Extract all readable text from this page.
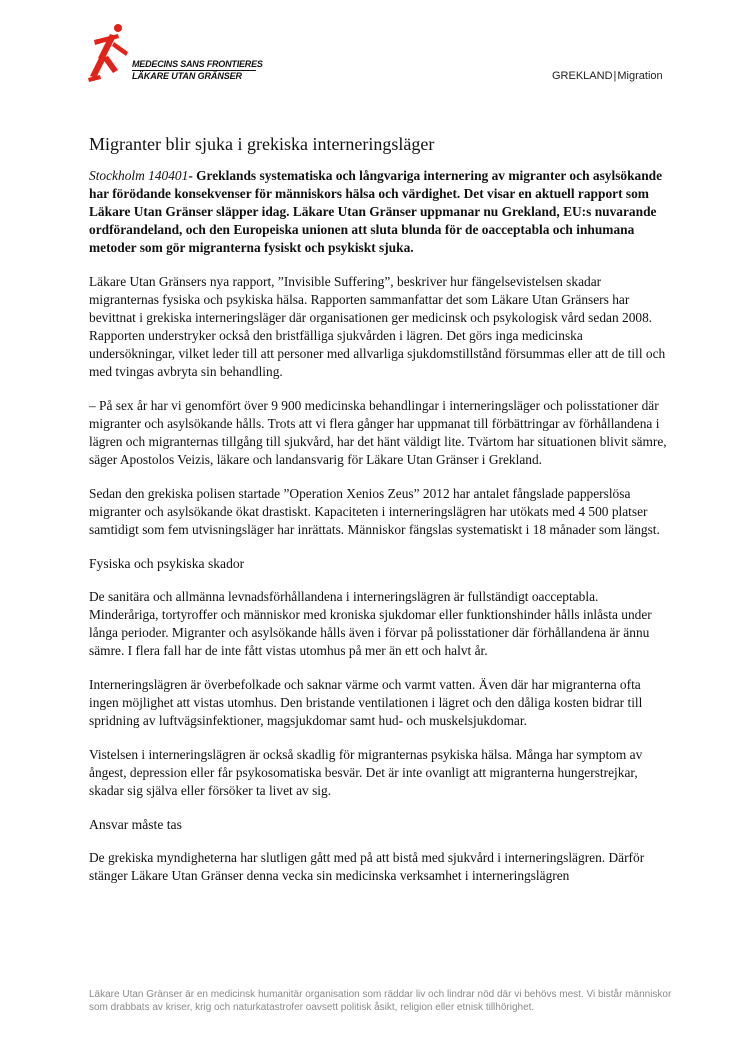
MEDECINS SANS FRONTIERES
LÄKARE UTAN GRÄNSER	GREKLAND|Migration
Migranter blir sjuka i grekiska interneringsläger

Stockholm 140401- Greklands systematiska och långvariga internering av migranter och asylsökande har förödande konsekvenser för människors hälsa och värdighet. Det visar en aktuell rapport som Läkare Utan Gränser släpper idag. Läkare Utan Gränser uppmanar nu Grekland, EU:s nuvarande ordförandeland, och den Europeiska unionen att sluta blunda för de oacceptabla och inhumana metoder som gör migranterna fysiskt och psykiskt sjuka.

Läkare Utan Gränsers nya rapport, ”Invisible Suffering”, beskriver hur fängelsevistelsen skadar migranternas fysiska och psykiska hälsa. Rapporten sammanfattar det som Läkare Utan Gränsers har bevittnat i grekiska interneringsläger där organisationen ger medicinsk och psykologisk vård sedan 2008. Rapporten understryker också den bristfälliga sjukvården i lägren. Det görs inga medicinska undersökningar, vilket leder till att personer med allvarliga sjukdomstillstånd försummas eller att de till och med tvingas avbryta sin behandling.

– På sex år har vi genomfört över 9 900 medicinska behandlingar i interneringsläger och polisstationer där migranter och asylsökande hålls. Trots att vi flera gånger har uppmanat till förbättringar av förhållandena i lägren och migranternas tillgång till sjukvård, har det hänt väldigt lite. Tvärtom har situationen blivit sämre, säger Apostolos Veizis, läkare och landansvarig för Läkare Utan Gränser i Grekland.

Sedan den grekiska polisen startade ”Operation Xenios Zeus” 2012 har antalet fångslade papperslösa migranter och asylsökande ökat drastiskt. Kapaciteten i interneringslägren har utökats med 4 500 platser samtidigt som fem utvisningsläger har inrättats. Människor fängslas systematiskt i 18 månader som längst.

Fysiska och psykiska skador

De sanitära och allmänna levnadsförhållandena i interneringslägren är fullständigt oacceptabla. Minderåriga, tortyroffer och människor med kroniska sjukdomar eller funktionshinder hålls inlåsta under långa perioder. Migranter och asylsökande hålls även i förvar på polisstationer där förhållandena är ännu sämre. I flera fall har de inte fått vistas utomhus på mer än ett och halvt år.

Interneringslägren är överbefolkade och saknar värme och varmt vatten. Även där har migranterna ofta ingen möjlighet att vistas utomhus. Den bristande ventilationen i lägret och den dåliga kosten bidrar till spridning av luftvägsinfektioner, magsjukdomar samt hud- och muskelsjukdomar.

Vistelsen i interneringslägren är också skadlig för migranternas psykiska hälsa. Många har symptom av ångest, depression eller får psykosomatiska besvär. Det är inte ovanligt att migranterna hungerstrejkar, skadar sig själva eller försöker ta livet av sig.

Ansvar måste tas

De grekiska myndigheterna har slutligen gått med på att bistå med sjukvård i interneringslägren. Därför stänger Läkare Utan Gränser denna vecka sin medicinska verksamhet i interneringslägren

Läkare Utan Gränser är en medicinsk humanitär organisation som räddar liv och lindrar nöd där vi behövs mest. Vi bistår människor som drabbats av kriser, krig och naturkatastrofer oavsett politisk åsikt, religion eller etnisk tillhörighet.
